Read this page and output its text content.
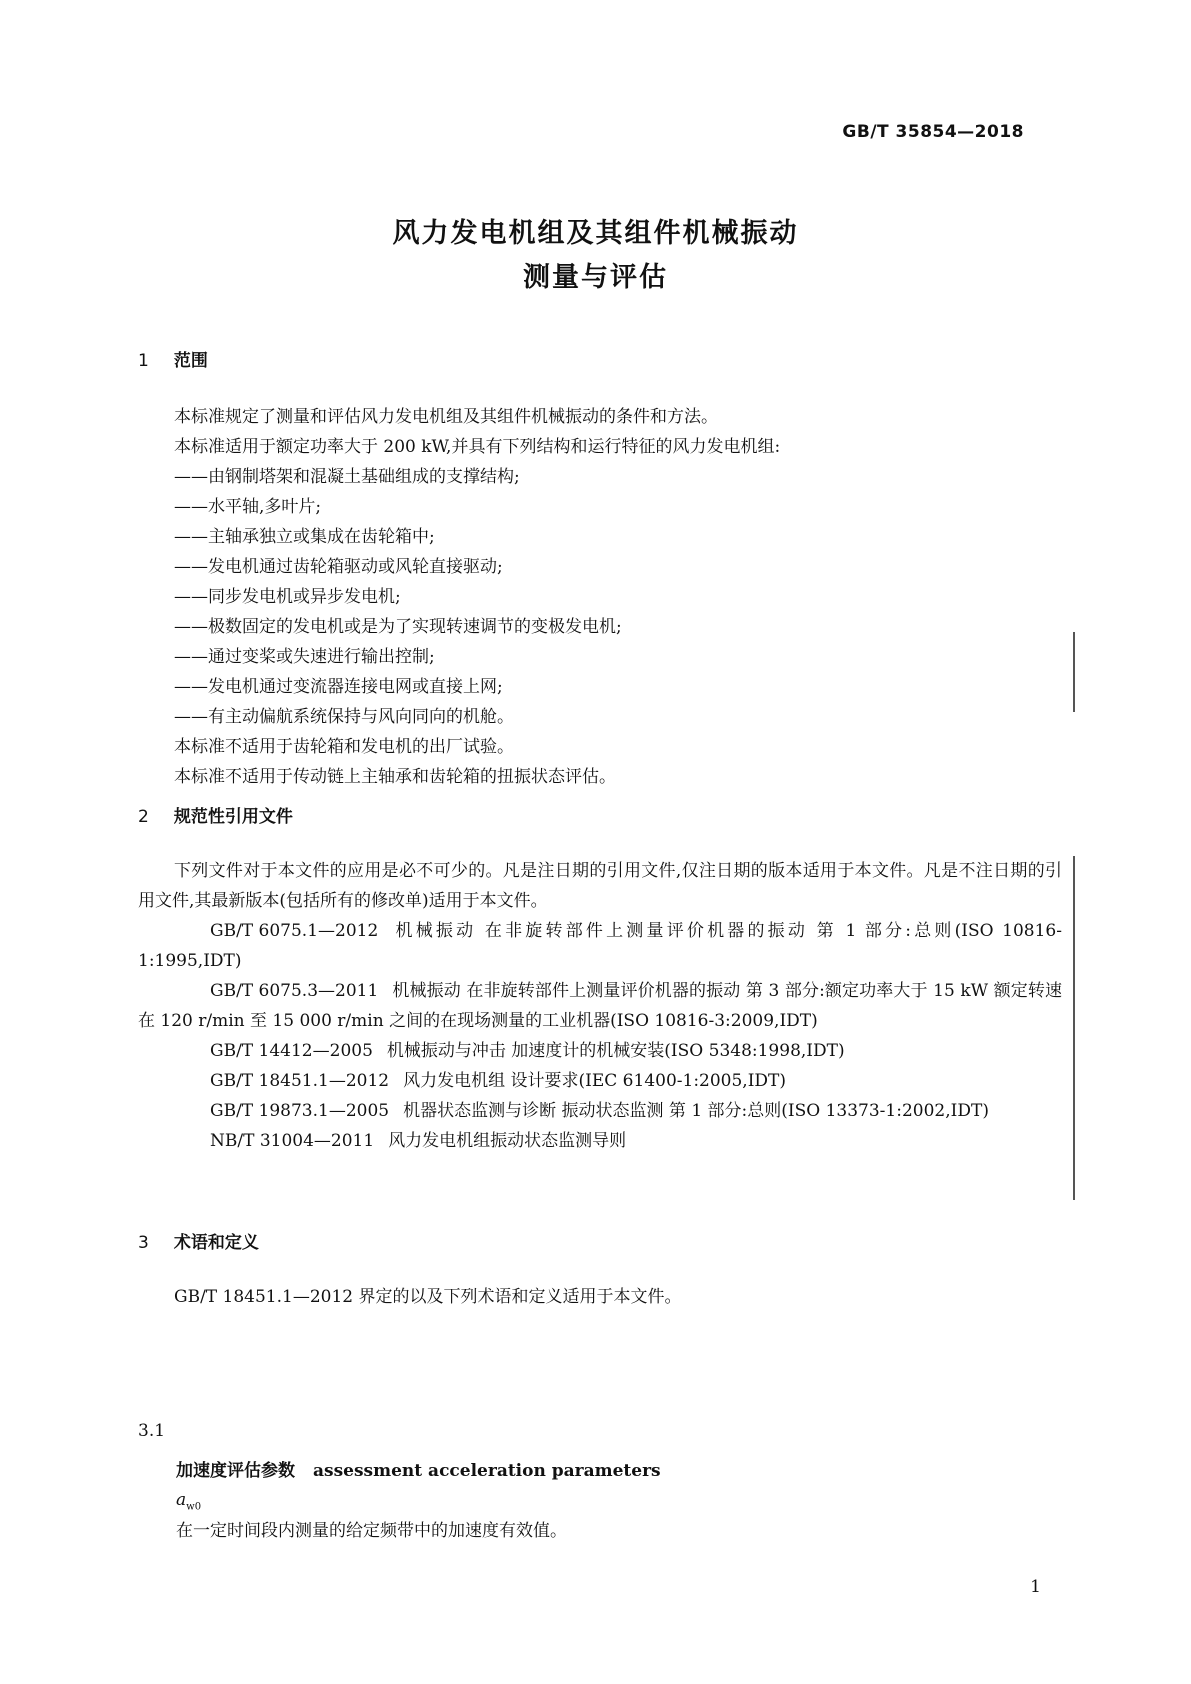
GB/T 35854—2018
风力发电机组及其组件机械振动
测量与评估
1 范围

本标准规定了测量和评估风力发电机组及其组件机械振动的条件和方法。

本标准适用于额定功率大于 200 kW,并具有下列结构和运行特征的风力发电机组:

——由钢制塔架和混凝土基础组成的支撑结构;

——水平轴,多叶片;

——主轴承独立或集成在齿轮箱中;

——发电机通过齿轮箱驱动或风轮直接驱动;

——同步发电机或异步发电机;

——极数固定的发电机或是为了实现转速调节的变极发电机;

——通过变桨或失速进行输出控制;

——发电机通过变流器连接电网或直接上网;

——有主动偏航系统保持与风向同向的机舱。

本标准不适用于齿轮箱和发电机的出厂试验。

本标准不适用于传动链上主轴承和齿轮箱的扭振状态评估。

2 规范性引用文件

下列文件对于本文件的应用是必不可少的。凡是注日期的引用文件,仅注日期的版本适用于本文件。凡是不注日期的引用文件,其最新版本(包括所有的修改单)适用于本文件。

GB/T 6075.1—2012 机械振动 在非旋转部件上测量评价机器的振动 第 1 部分:总则(ISO 10816-1:1995,IDT)

GB/T 6075.3—2011 机械振动 在非旋转部件上测量评价机器的振动 第 3 部分:额定功率大于 15 kW 额定转速在 120 r/min 至 15 000 r/min 之间的在现场测量的工业机器(ISO 10816-3:2009,IDT)

GB/T 14412—2005 机械振动与冲击 加速度计的机械安装(ISO 5348:1998,IDT)

GB/T 18451.1—2012 风力发电机组 设计要求(IEC 61400-1:2005,IDT)

GB/T 19873.1—2005 机器状态监测与诊断 振动状态监测 第 1 部分:总则(ISO 13373-1:2002,IDT)

NB/T 31004—2011 风力发电机组振动状态监测导则

3 术语和定义

GB/T 18451.1—2012 界定的以及下列术语和定义适用于本文件。

3.1
加速度评估参数 assessment acceleration parameters
$a_{w0}$
在一定时间段内测量的给定频带中的加速度有效值。
1
